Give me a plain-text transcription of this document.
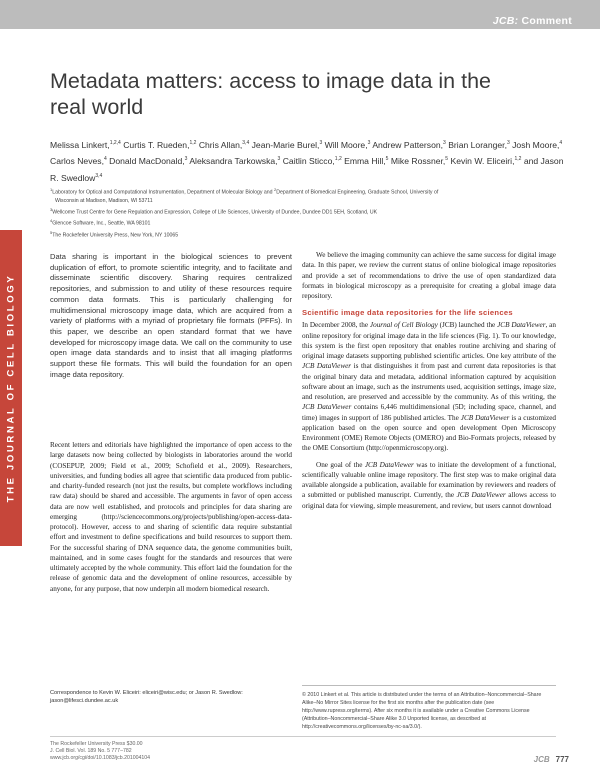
JCB: Comment
THE JOURNAL OF CELL BIOLOGY
Metadata matters: access to image data in the real world
Melissa Linkert,$^{1,2,4}$ Curtis T. Rueden,$^{1,2}$ Chris Allan,$^{3,4}$ Jean-Marie Burel,$^3$ Will Moore,$^3$ Andrew Patterson,$^3$ Brian Loranger,$^3$ Josh Moore,$^4$ Carlos Neves,$^4$ Donald MacDonald,$^3$ Aleksandra Tarkowska,$^3$ Caitlin Sticco,$^{1,2}$ Emma Hill,$^5$ Mike Rossner,$^5$ Kevin W. Eliceiri,$^{1,2}$ and Jason R. Swedlow$^{3,4}$
$^1$Laboratory for Optical and Computational Instrumentation, Department of Molecular Biology and $^2$Department of Biomedical Engineering, Graduate School, University of
Wisconsin at Madison, Madison, WI 53711
$^3$Wellcome Trust Centre for Gene Regulation and Expression, College of Life Sciences, University of Dundee, Dundee DD1 5EH, Scotland, UK
$^4$Glencoe Software, Inc., Seattle, WA 98101
$^5$The Rockefeller University Press, New York, NY 10065

Data sharing is important in the biological sciences to prevent duplication of effort, to promote scientific integrity, and to facilitate and disseminate scientific discovery. Sharing requires centralized repositories, and submission to and utility of these resources require common data formats. This is particularly challenging for multidimensional microscopy image data, which are acquired from a variety of platforms with a myriad of proprietary file formats (PFFs). In this paper, we describe an open standard format that we have developed for microscopy image data. We call on the community to use open image data standards and to insist that all imaging platforms support these file formats. This will build the foundation for an open image data repository.

Recent letters and editorials have highlighted the importance of open access to the large datasets now being collected by biologists in laboratories around the world (COSEPUP, 2009; Field et al., 2009; Schofield et al., 2009). Researchers, universities, and funding bodies all agree that scientific data produced from public- and charity-funded research (not just the results, but complete workflows including raw data) should be shared and accessible. The arguments in favor of open access data are now well established, and protocols and principles for data sharing are emerging (http://sciencecommons.org/projects/publishing/open-access-data-protocol). However, access to and sharing of scientific data require substantial effort and investment to define specifications and build resources to support them. For the successful sharing of DNA sequence data, the genome communities built, maintained, and in some cases fought for the standards and resources that were ultimately accepted by the whole community. This effort laid the foundation for the release of genomic data and the development of online resources, accessible by anyone, for any purpose, that now underpin all modern biomedical research.

We believe the imaging community can achieve the same success for digital image data. In this paper, we review the current status of online biological image repositories and provide a set of recommendations to drive the use of open standardized data formats in biological microscopy as a prerequisite for creating a global image data repository.

Scientific image data repositories for the life sciences

In December 2008, the Journal of Cell Biology (JCB) launched the JCB DataViewer, an online repository for original image data in the life sciences (Fig. 1). To our knowledge, this system is the first open repository that enables routine archiving and sharing of original image datasets supporting published scientific articles. One key attribute of the JCB DataViewer is that distinguishes it from past and current data repositories is that the original binary data and metadata, additional information captured by acquisition software about an image, such as the instruments used, acquisition settings, image size, and resolution, are preserved and accessible by the community. As of this writing, the JCB DataViewer contains 6,446 multidimensional (5D; including space, channel, and time) images in support of 186 published articles. The JCB DataViewer is a customized application based on the open source and open development Open Microscopy Environment (OME) Remote Objects (OMERO) and Bio-Formats projects, released by the OME Consortium (http://openmicroscopy.org).

One goal of the JCB DataViewer was to initiate the development of a functional, scientifically valuable online image repository. The first step was to make original data available alongside a publication, available for examination by reviewers and readers of a submitted or published manuscript. Currently, the JCB DataViewer allows access to original data for viewing, simple measurement, and review, but users cannot download

Correspondence to Kevin W. Eliceiri: eliceiri@wisc.edu; or Jason R. Swedlow: jason@lifesci.dundee.ac.uk

© 2010 Linkert et al. This article is distributed under the terms of an Attribution–Noncommercial–Share Alike–No Mirror Sites license for the first six months after the publication date (see http://www.rupress.org/terms). After six months it is available under a Creative Commons License (Attribution–Noncommercial–Share Alike 3.0 Unported license, as described at http://creativecommons.org/licenses/by-nc-sa/3.0/).

The Rockefeller University Press $30.00
J. Cell Biol. Vol. 189 No. 5 777–782
www.jcb.org/cgi/doi/10.1083/jcb.201004104	JCB 777
